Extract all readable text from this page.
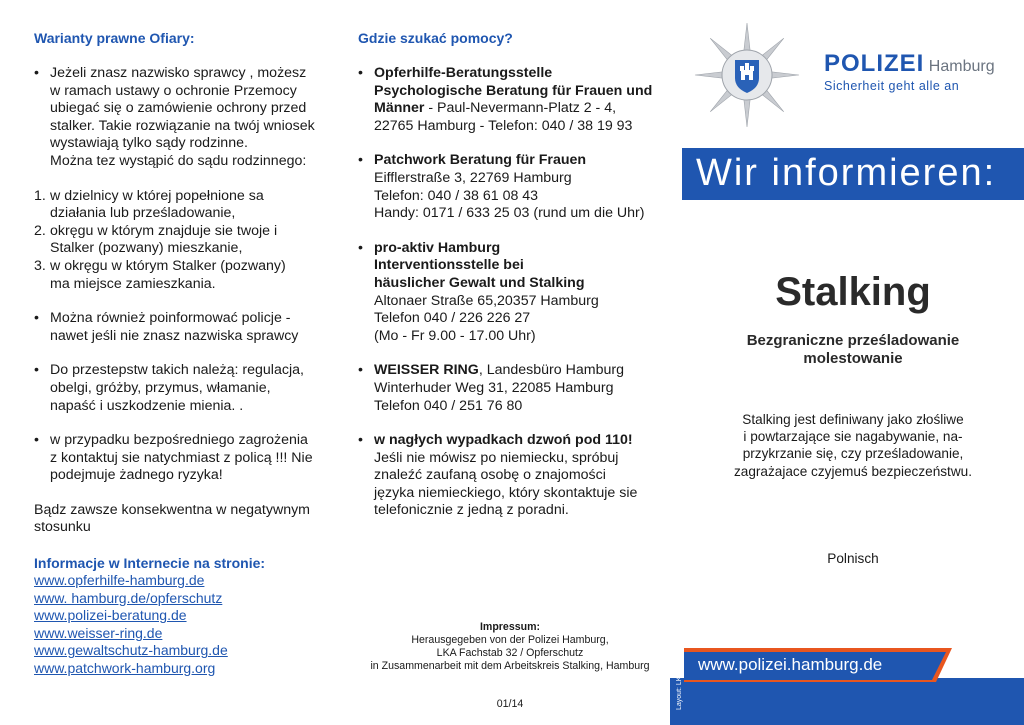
Warianty prawne Ofiary:
• Jeżeli znasz nazwisko sprawcy , możesz
w ramach ustawy o ochronie Przemocy
ubiegać się o zamówienie ochrony przed
stalker. Takie rozwiązanie na twój wniosek
wystawiają tylko sądy rodzinne.
Można tez wystąpić do sądu rodzinnego:
1. w dzielnicy w której popełnione sa
działania lub prześladowanie,
2. okręgu w którym znajduje sie twoje i
Stalker (pozwany) mieszkanie,
3. w okręgu w którym Stalker (pozwany)
ma miejsce zamieszkania.
• Można również poinformować policje -
nawet jeśli nie znasz nazwiska sprawcy
• Do przestepstw takich należą: regulacja,
obelgi, gróżby, przymus, włamanie,
napaść i uszkodzenie mienia. .
• w przypadku bezpośredniego zagrożenia
z kontaktuj sie natychmiast z policą !!! Nie
podejmuje żadnego ryzyka!
Bądz zawsze konsekwentna w negatywnym
stosunku
Informacje w Internecie na stronie:
www.opferhilfe-hamburg.de
www. hamburg.de/opferschutz
www.polizei-beratung.de
www.weisser-ring.de
www.gewaltschutz-hamburg.de
www.patchwork-hamburg.org
Gdzie szukać pomocy?
• Opferhilfe-Beratungsstelle
Psychologische Beratung für Frauen und
Männer - Paul-Nevermann-Platz 2 - 4,
22765 Hamburg - Telefon: 040 / 38 19 93
• Patchwork Beratung für Frauen
Eifflerstraße 3, 22769 Hamburg
Telefon: 040 / 38 61 08 43
Handy: 0171 / 633 25 03 (rund um die Uhr)
• pro-aktiv Hamburg
Interventionsstelle bei
häuslicher Gewalt und Stalking
Altonaer Straße 65,20357 Hamburg
Telefon 040 / 226 226 27
(Mo - Fr 9.00 - 17.00 Uhr)
• WEISSER RING, Landesbüro Hamburg
Winterhuder Weg 31, 22085 Hamburg
Telefon 040 / 251 76 80
• w nagłych wypadkach dzwoń pod 110!
Jeśli nie mówisz po niemiecku, spróbuj
znaleźć zaufaną osobę o znajomości
języka niemieckiego, który skontaktuje sie
telefonicznie z jedną z poradni.
Impressum:
Herausgegeben von der Polizei Hamburg,
LKA Fachstab 32 / Opferschutz
in Zusammenarbeit mit dem Arbeitskreis Stalking, Hamburg
01/14
POLIZEI Hamburg
Sicherheit geht alle an
Wir informieren:
Stalking
Bezgraniczne prześladowanie
molestowanie
Stalking jest definiwany jako złośliwe
i powtarzające sie nagabywanie, na-
przykrzanie się, czy prześladowanie,
zagrażajace czyjemuś bezpieczeństwu.
Polnisch
www.polizei.hamburg.de
Layout: LKA 38
